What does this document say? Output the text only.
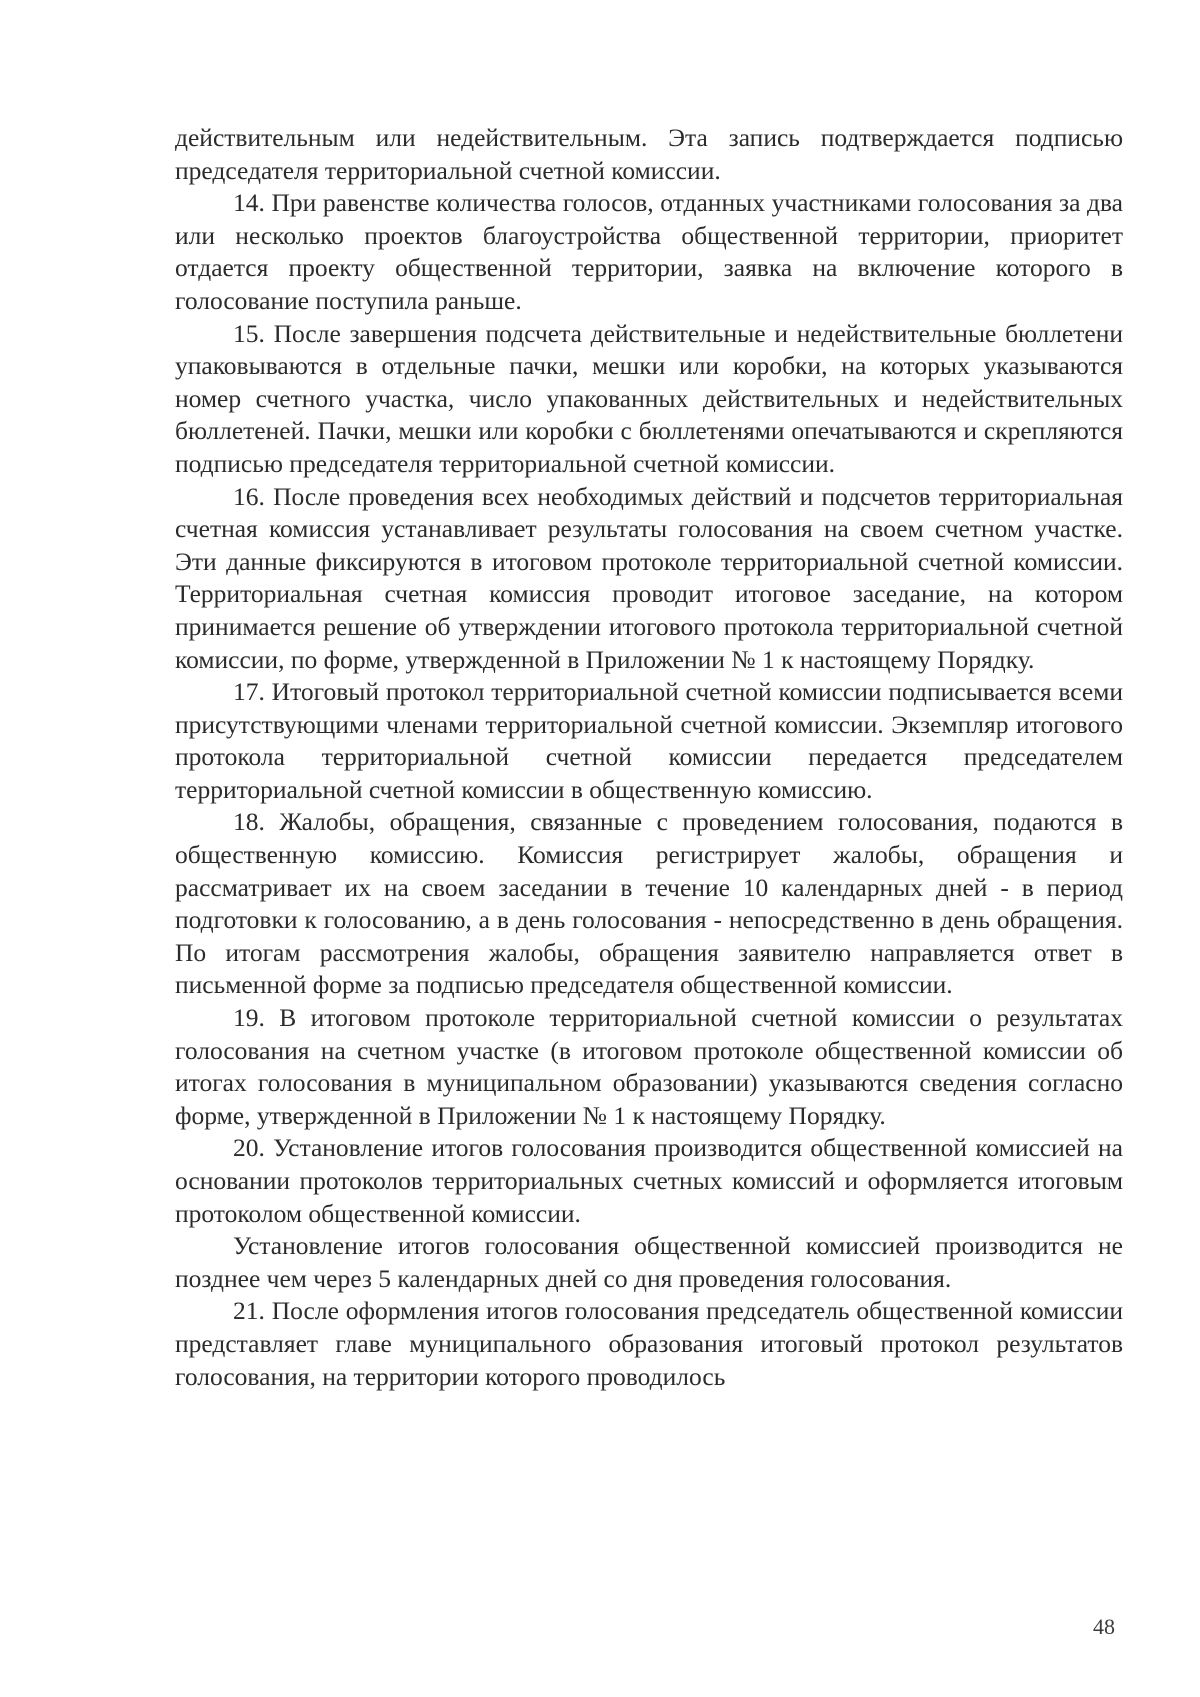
действительным или недействительным. Эта запись подтверждается подписью председателя территориальной счетной комиссии.

14. При равенстве количества голосов, отданных участниками голосования за два или несколько проектов благоустройства общественной территории, приоритет отдается проекту общественной территории, заявка на включение которого в голосование поступила раньше.

15. После завершения подсчета действительные и недействительные бюллетени упаковываются в отдельные пачки, мешки или коробки, на которых указываются номер счетного участка, число упакованных действительных и недействительных бюллетеней. Пачки, мешки или коробки с бюллетенями опечатываются и скрепляются подписью председателя территориальной счетной комиссии.

16. После проведения всех необходимых действий и подсчетов территориальная счетная комиссия устанавливает результаты голосования на своем счетном участке. Эти данные фиксируются в итоговом протоколе территориальной счетной комиссии. Территориальная счетная комиссия проводит итоговое заседание, на котором принимается решение об утверждении итогового протокола территориальной счетной комиссии, по форме, утвержденной в Приложении № 1 к настоящему Порядку.

17. Итоговый протокол территориальной счетной комиссии подписывается всеми присутствующими членами территориальной счетной комиссии. Экземпляр итогового протокола территориальной счетной комиссии передается председателем территориальной счетной комиссии в общественную комиссию.

18. Жалобы, обращения, связанные с проведением голосования, подаются в общественную комиссию. Комиссия регистрирует жалобы, обращения и рассматривает их на своем заседании в течение 10 календарных дней - в период подготовки к голосованию, а в день голосования - непосредственно в день обращения. По итогам рассмотрения жалобы, обращения заявителю направляется ответ в письменной форме за подписью председателя общественной комиссии.

19. В итоговом протоколе территориальной счетной комиссии о результатах голосования на счетном участке (в итоговом протоколе общественной комиссии об итогах голосования в муниципальном образовании) указываются сведения согласно форме, утвержденной в Приложении № 1 к настоящему Порядку.

20. Установление итогов голосования производится общественной комиссией на основании протоколов территориальных счетных комиссий и оформляется итоговым протоколом общественной комиссии.

Установление итогов голосования общественной комиссией производится не позднее чем через 5 календарных дней со дня проведения голосования.

21. После оформления итогов голосования председатель общественной комиссии представляет главе муниципального образования итоговый протокол результатов голосования, на территории которого проводилось

48
